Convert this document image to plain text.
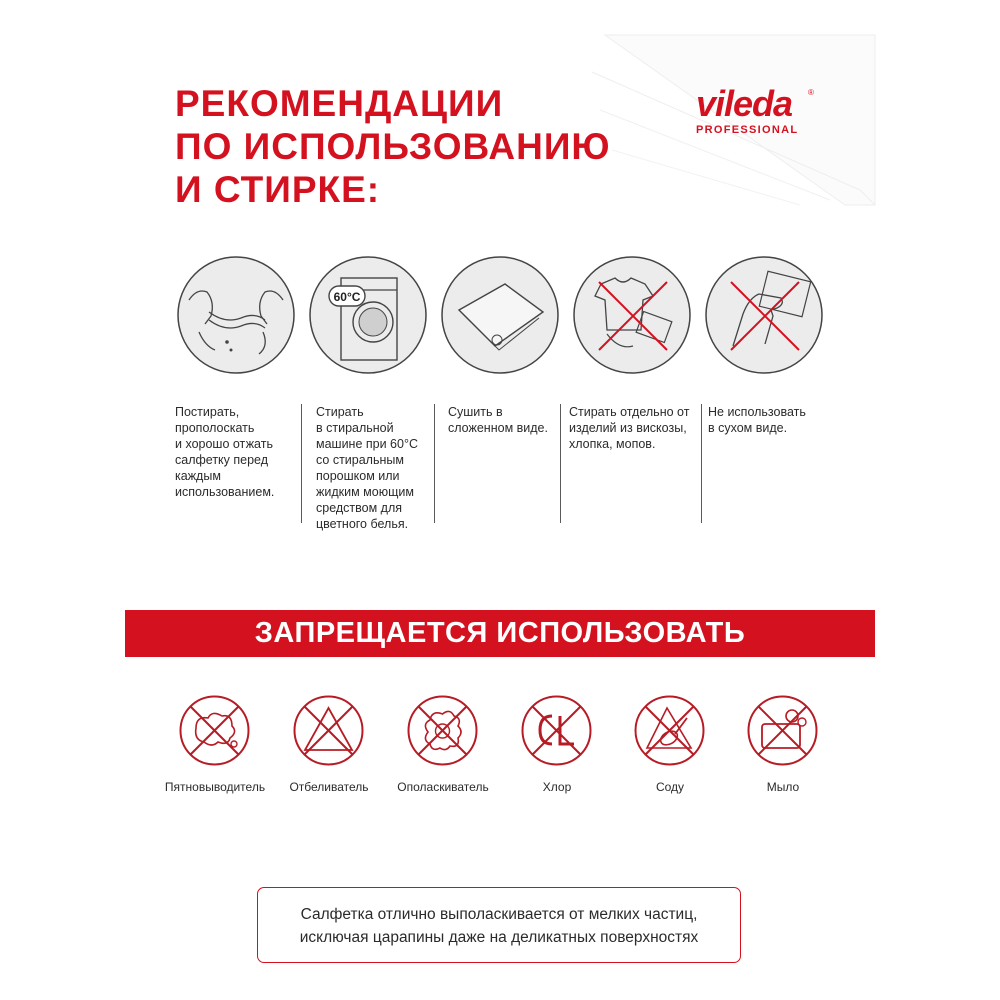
РЕКОМЕНДАЦИИ
ПО ИСПОЛЬЗОВАНИЮ
И СТИРКЕ:
vileda	®
PROFESSIONAL
60°C
Постирать,
прополоскать
и хорошо отжать
салфетку перед
каждым
использованием.
Стирать
в стиральной
машине при 60°С
со стиральным
порошком или
жидким моющим
средством для
цветного белья.
Сушить в
сложенном виде.
Стирать отдельно от
изделий из вискозы,
хлопка, мопов.
Не использовать
в сухом виде.
ЗАПРЕЩАЕТСЯ ИСПОЛЬЗОВАТЬ
Пятновыводитель	Отбеливатель	Ополаскиватель	Хлор	Соду	Мыло
Салфетка отлично выполаскивается от мелких частиц,
исключая царапины даже на деликатных поверхностях
